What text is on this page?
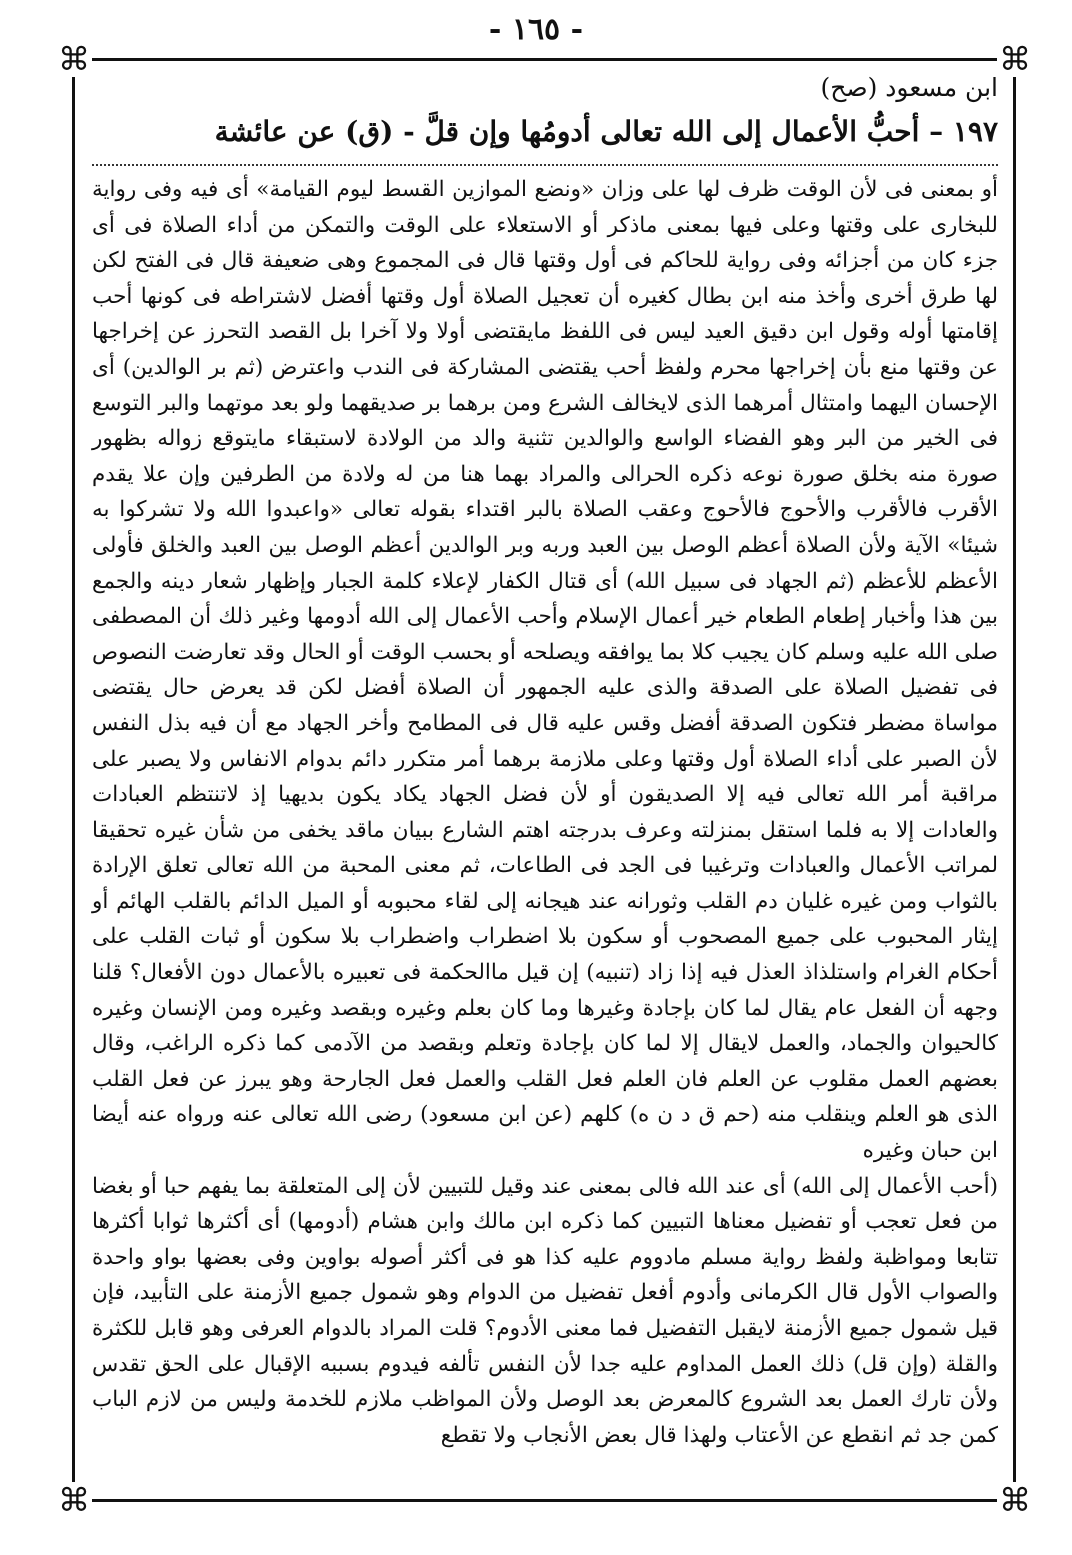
- ١٦٥ -
⌘	⌘
⌘	⌘
ابن مسعود (صح)
١٩٧ – أحبُّ الأعمال إلى الله تعالى أدومُها وإن قلَّ - (ق) عن عائشة

أو بمعنى فى لأن الوقت ظرف لها على وزان «ونضع الموازين القسط ليوم القيامة» أى فيه وفى رواية للبخارى على وقتها وعلى فيها بمعنى ماذكر أو الاستعلاء على الوقت والتمكن من أداء الصلاة فى أى جزء كان من أجزائه وفى رواية للحاكم فى أول وقتها قال فى المجموع وهى ضعيفة قال فى الفتح لكن لها طرق أخرى وأخذ منه ابن بطال كغيره أن تعجيل الصلاة أول وقتها أفضل لاشتراطه فى كونها أحب إقامتها أوله وقول ابن دقيق العيد ليس فى اللفظ مايقتضى أولا ولا آخرا بل القصد التحرز عن إخراجها عن وقتها منع بأن إخراجها محرم ولفظ أحب يقتضى المشاركة فى الندب واعترض (ثم بر الوالدين) أى الإحسان اليهما وامتثال أمرهما الذى لايخالف الشرع ومن برهما بر صديقهما ولو بعد موتهما والبر التوسع فى الخير من البر وهو الفضاء الواسع والوالدين تثنية والد من الولادة لاستبقاء مايتوقع زواله بظهور صورة منه بخلق صورة نوعه ذكره الحرالى والمراد بهما هنا من له ولادة من الطرفين وإن علا يقدم الأقرب فالأقرب والأحوج فالأحوج وعقب الصلاة بالبر اقتداء بقوله تعالى «واعبدوا الله ولا تشركوا به شيئا» الآية ولأن الصلاة أعظم الوصل بين العبد وربه وبر الوالدين أعظم الوصل بين العبد والخلق فأولى الأعظم للأعظم (ثم الجهاد فى سبيل الله) أى قتال الكفار لإعلاء كلمة الجبار وإظهار شعار دينه والجمع بين هذا وأخبار إطعام الطعام خير أعمال الإسلام وأحب الأعمال إلى الله أدومها وغير ذلك أن المصطفى صلى الله عليه وسلم كان يجيب كلا بما يوافقه ويصلحه أو بحسب الوقت أو الحال وقد تعارضت النصوص فى تفضيل الصلاة على الصدقة والذى عليه الجمهور أن الصلاة أفضل لكن قد يعرض حال يقتضى مواساة مضطر فتكون الصدقة أفضل وقس عليه قال فى المطامح وأخر الجهاد مع أن فيه بذل النفس لأن الصبر على أداء الصلاة أول وقتها وعلى ملازمة برهما أمر متكرر دائم بدوام الانفاس ولا يصبر على مراقبة أمر الله تعالى فيه إلا الصديقون أو لأن فضل الجهاد يكاد يكون بديهيا إذ لاتنتظم العبادات والعادات إلا به فلما استقل بمنزلته وعرف بدرجته اهتم الشارع ببيان ماقد يخفى من شأن غيره تحقيقا لمراتب الأعمال والعبادات وترغيبا فى الجد فى الطاعات، ثم معنى المحبة من الله تعالى تعلق الإرادة بالثواب ومن غيره غليان دم القلب وثورانه عند هيجانه إلى لقاء محبوبه أو الميل الدائم بالقلب الهائم أو إيثار المحبوب على جميع المصحوب أو سكون بلا اضطراب واضطراب بلا سكون أو ثبات القلب على أحكام الغرام واستلذاذ العذل فيه إذا زاد (تنبيه) إن قيل ماالحكمة فى تعبيره بالأعمال دون الأفعال؟ قلنا وجهه أن الفعل عام يقال لما كان بإجادة وغيرها وما كان بعلم وغيره وبقصد وغيره ومن الإنسان وغيره كالحيوان والجماد، والعمل لايقال إلا لما كان بإجادة وتعلم وبقصد من الآدمى كما ذكره الراغب، وقال بعضهم العمل مقلوب عن العلم فان العلم فعل القلب والعمل فعل الجارحة وهو يبرز عن فعل القلب الذى هو العلم وينقلب منه (حم ق د ن ه) كلهم (عن ابن مسعود) رضى الله تعالى عنه ورواه عنه أيضا ابن حبان وغيره

(أحب الأعمال إلى الله) أى عند الله فالى بمعنى عند وقيل للتبيين لأن إلى المتعلقة بما يفهم حبا أو بغضا من فعل تعجب أو تفضيل معناها التبيين كما ذكره ابن مالك وابن هشام (أدومها) أى أكثرها ثوابا أكثرها تتابعا ومواظبة ولفظ رواية مسلم مادووم عليه كذا هو فى أكثر أصوله بواوين وفى بعضها بواو واحدة والصواب الأول قال الكرمانى وأدوم أفعل تفضيل من الدوام وهو شمول جميع الأزمنة على التأبيد، فإن قيل شمول جميع الأزمنة لايقبل التفضيل فما معنى الأدوم؟ قلت المراد بالدوام العرفى وهو قابل للكثرة والقلة (وإن قل) ذلك العمل المداوم عليه جدا لأن النفس تألفه فيدوم بسببه الإقبال على الحق تقدس ولأن تارك العمل بعد الشروع كالمعرض بعد الوصل ولأن المواظب ملازم للخدمة وليس من لازم الباب كمن جد ثم انقطع عن الأعتاب ولهذا قال بعض الأنجاب ولا تقطع
